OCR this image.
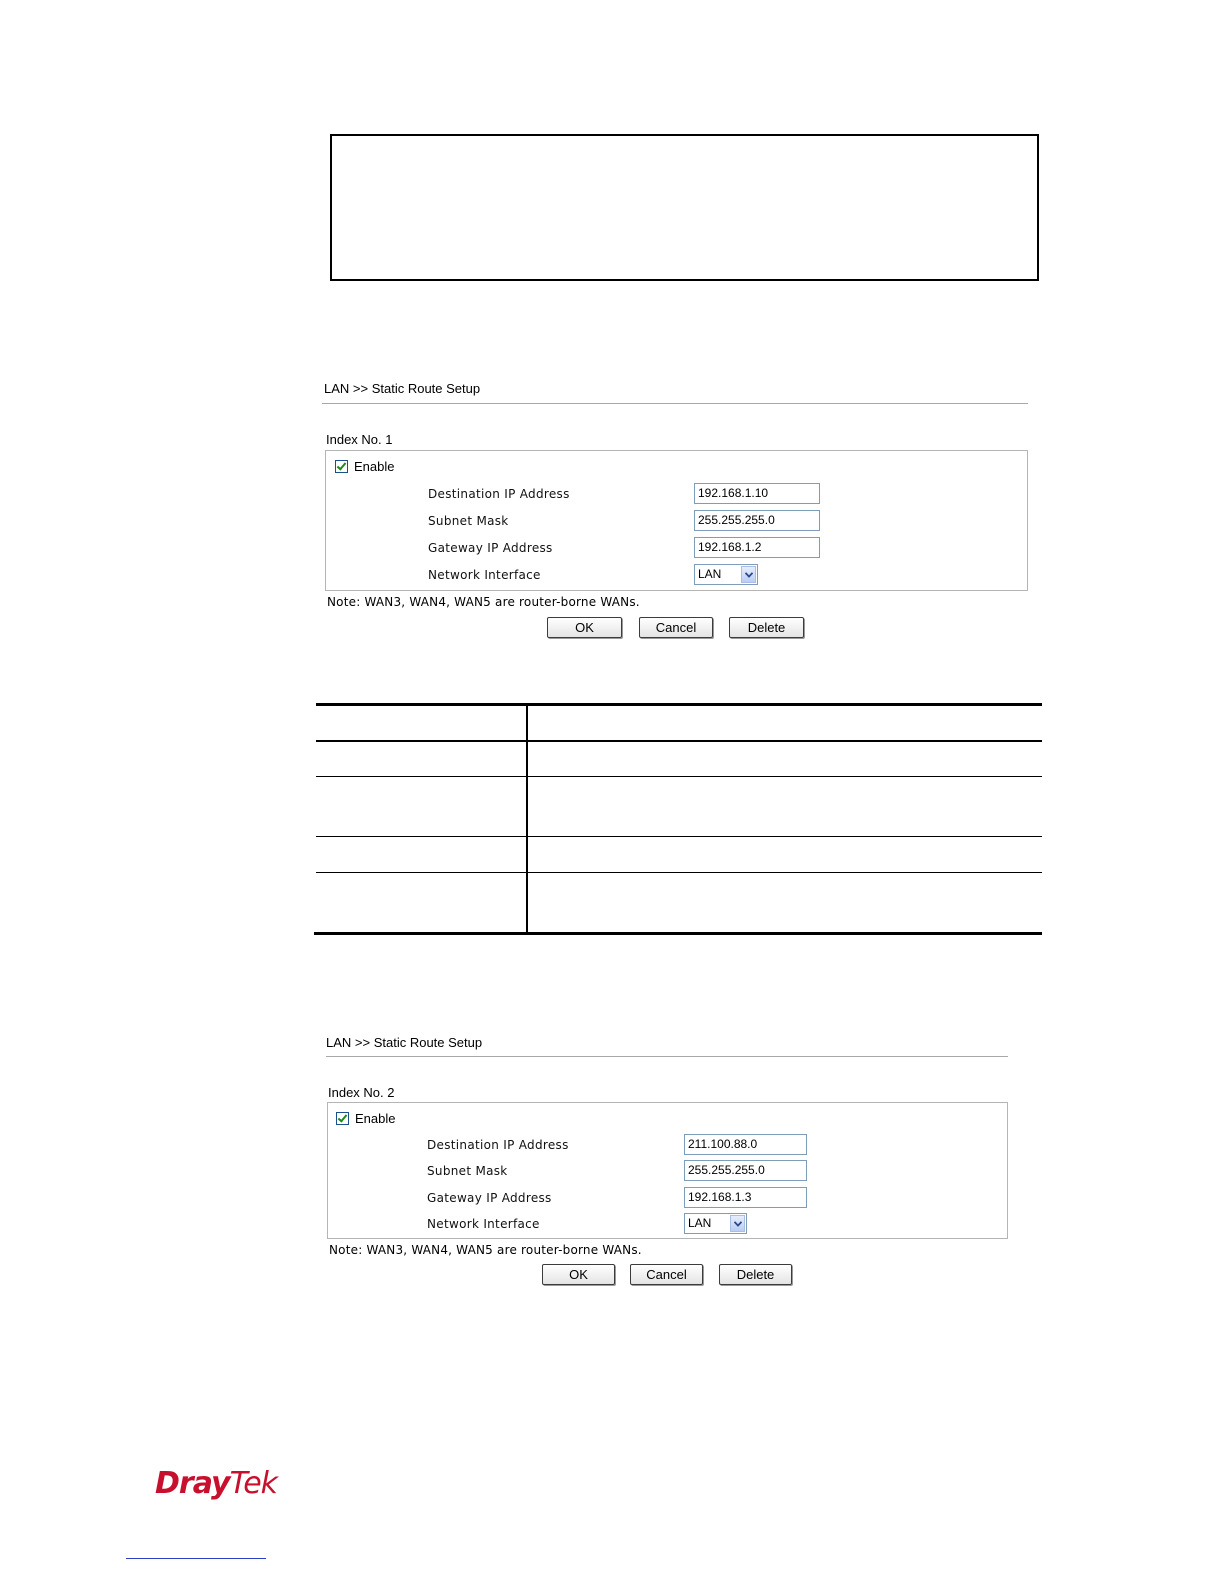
LAN >> Static Route Setup
Index No. 1
Enable
Destination IP Address	192.168.1.10
Subnet Mask	255.255.255.0
Gateway IP Address	192.168.1.2
Network Interface	LAN
Note: WAN3, WAN4, WAN5 are router-borne WANs.
OK	Cancel	Delete
LAN >> Static Route Setup
Index No. 2
Enable
Destination IP Address	211.100.88.0
Subnet Mask	255.255.255.0
Gateway IP Address	192.168.1.3
Network Interface	LAN
Note: WAN3, WAN4, WAN5 are router-borne WANs.
OK	Cancel	Delete
DrayTek
